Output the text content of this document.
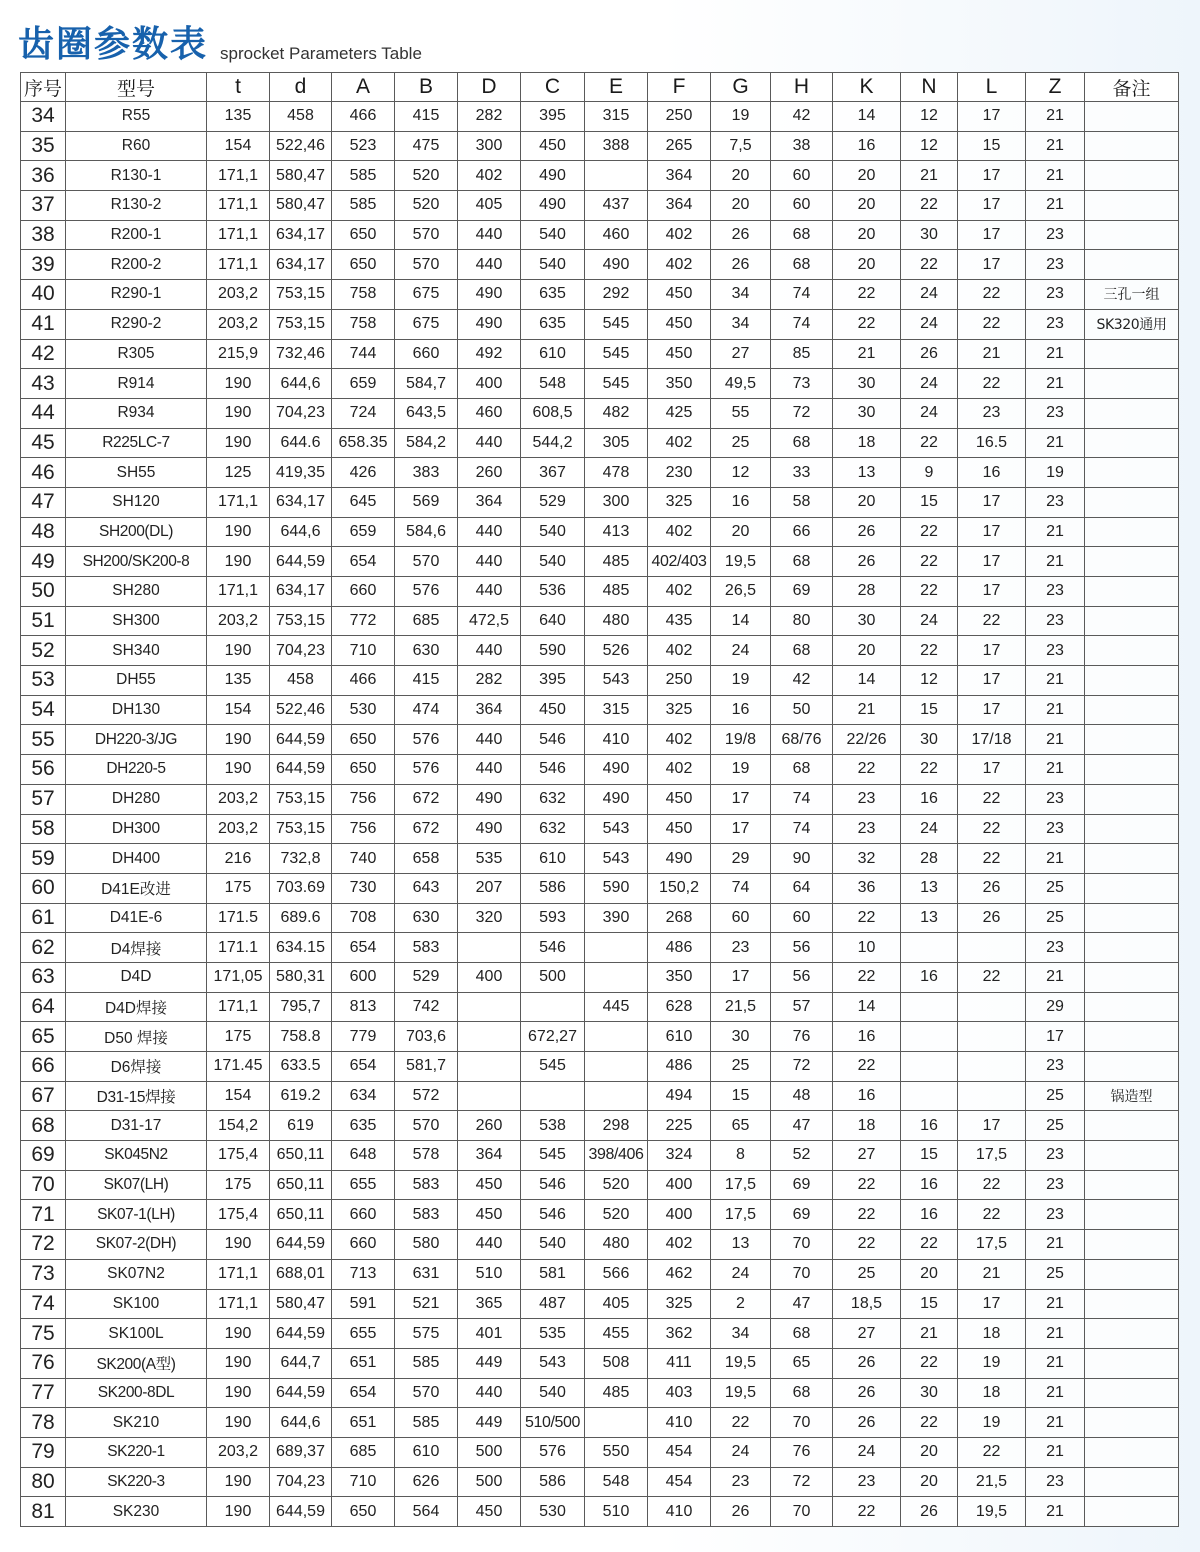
齿圈参数表 sprocket Parameters Table
序号	型号	t	d	A	B	D	C	E	F	G	H	K	N	L	Z	备注
34	R55	135	458	466	415	282	395	315	250	19	42	14	12	17	21	
35	R60	154	522,46	523	475	300	450	388	265	7,5	38	16	12	15	21	
36	R130-1	171,1	580,47	585	520	402	490		364	20	60	20	21	17	21	
37	R130-2	171,1	580,47	585	520	405	490	437	364	20	60	20	22	17	21	
38	R200-1	171,1	634,17	650	570	440	540	460	402	26	68	20	30	17	23	
39	R200-2	171,1	634,17	650	570	440	540	490	402	26	68	20	22	17	23	
40	R290-1	203,2	753,15	758	675	490	635	292	450	34	74	22	24	22	23	三孔一组
41	R290-2	203,2	753,15	758	675	490	635	545	450	34	74	22	24	22	23	SK320通用
42	R305	215,9	732,46	744	660	492	610	545	450	27	85	21	26	21	21	
43	R914	190	644,6	659	584,7	400	548	545	350	49,5	73	30	24	22	21	
44	R934	190	704,23	724	643,5	460	608,5	482	425	55	72	30	24	23	23	
45	R225LC-7	190	644.6	658.35	584,2	440	544,2	305	402	25	68	18	22	16.5	21	
46	SH55	125	419,35	426	383	260	367	478	230	12	33	13	9	16	19	
47	SH120	171,1	634,17	645	569	364	529	300	325	16	58	20	15	17	23	
48	SH200(DL)	190	644,6	659	584,6	440	540	413	402	20	66	26	22	17	21	
49	SH200/SK200-8	190	644,59	654	570	440	540	485	402/403	19,5	68	26	22	17	21	
50	SH280	171,1	634,17	660	576	440	536	485	402	26,5	69	28	22	17	23	
51	SH300	203,2	753,15	772	685	472,5	640	480	435	14	80	30	24	22	23	
52	SH340	190	704,23	710	630	440	590	526	402	24	68	20	22	17	23	
53	DH55	135	458	466	415	282	395	543	250	19	42	14	12	17	21	
54	DH130	154	522,46	530	474	364	450	315	325	16	50	21	15	17	21	
55	DH220-3/JG	190	644,59	650	576	440	546	410	402	19/8	68/76	22/26	30	17/18	21	
56	DH220-5	190	644,59	650	576	440	546	490	402	19	68	22	22	17	21	
57	DH280	203,2	753,15	756	672	490	632	490	450	17	74	23	16	22	23	
58	DH300	203,2	753,15	756	672	490	632	543	450	17	74	23	24	22	23	
59	DH400	216	732,8	740	658	535	610	543	490	29	90	32	28	22	21	
60	D41E改进	175	703.69	730	643	207	586	590	150,2	74	64	36	13	26	25	
61	D41E-6	171.5	689.6	708	630	320	593	390	268	60	60	22	13	26	25	
62	D4焊接	171.1	634.15	654	583		546		486	23	56	10			23	
63	D4D	171,05	580,31	600	529	400	500		350	17	56	22	16	22	21	
64	D4D焊接	171,1	795,7	813	742			445	628	21,5	57	14			29	
65	D50 焊接	175	758.8	779	703,6		672,27		610	30	76	16			17	
66	D6焊接	171.45	633.5	654	581,7		545		486	25	72	22			23	
67	D31-15焊接	154	619.2	634	572				494	15	48	16			25	锅造型
68	D31-17	154,2	619	635	570	260	538	298	225	65	47	18	16	17	25	
69	SK045N2	175,4	650,11	648	578	364	545	398/406	324	8	52	27	15	17,5	23	
70	SK07(LH)	175	650,11	655	583	450	546	520	400	17,5	69	22	16	22	23	
71	SK07-1(LH)	175,4	650,11	660	583	450	546	520	400	17,5	69	22	16	22	23	
72	SK07-2(DH)	190	644,59	660	580	440	540	480	402	13	70	22	22	17,5	21	
73	SK07N2	171,1	688,01	713	631	510	581	566	462	24	70	25	20	21	25	
74	SK100	171,1	580,47	591	521	365	487	405	325	2	47	18,5	15	17	21	
75	SK100L	190	644,59	655	575	401	535	455	362	34	68	27	21	18	21	
76	SK200(A型)	190	644,7	651	585	449	543	508	411	19,5	65	26	22	19	21	
77	SK200-8DL	190	644,59	654	570	440	540	485	403	19,5	68	26	30	18	21	
78	SK210	190	644,6	651	585	449	510/500		410	22	70	26	22	19	21	
79	SK220-1	203,2	689,37	685	610	500	576	550	454	24	76	24	20	22	21	
80	SK220-3	190	704,23	710	626	500	586	548	454	23	72	23	20	21,5	23	
81	SK230	190	644,59	650	564	450	530	510	410	26	70	22	26	19,5	21	
